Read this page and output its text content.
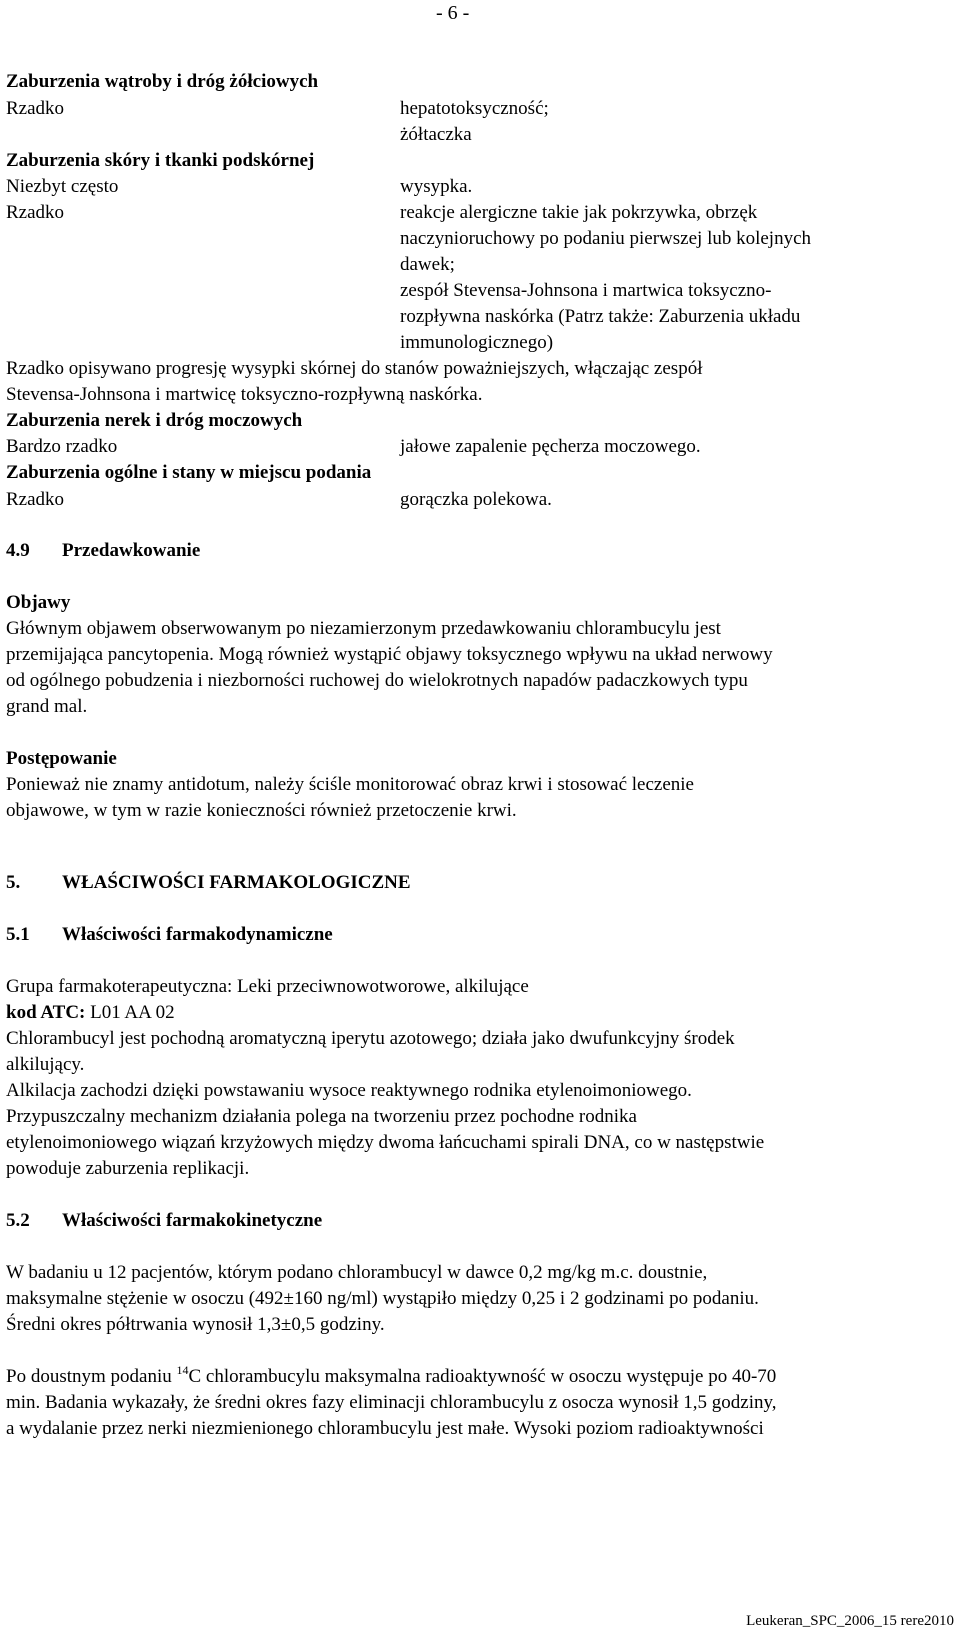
- 6 -
Zaburzenia wątroby i dróg żółciowych
Rzadko	hepatotoksyczność;
żółtaczka
Zaburzenia skóry i tkanki podskórnej
Niezbyt często	wysypka.
Rzadko	reakcje alergiczne takie jak pokrzywka, obrzęk
naczynioruchowy po podaniu pierwszej lub kolejnych
dawek;
zespół Stevensa-Johnsona i martwica toksyczno-
rozpływna naskórka (Patrz także: Zaburzenia układu
immunologicznego)
Rzadko opisywano progresję wysypki skórnej do stanów poważniejszych, włączając zespół
Stevensa-Johnsona i martwicę toksyczno-rozpływną naskórka.
Zaburzenia nerek i dróg moczowych
Bardzo rzadko	jałowe zapalenie pęcherza moczowego.
Zaburzenia ogólne i stany w miejscu podania
Rzadko	gorączka polekowa.
4.9 Przedawkowanie
Objawy
Głównym objawem obserwowanym po niezamierzonym przedawkowaniu chlorambucylu jest
przemijająca pancytopenia. Mogą również wystąpić objawy toksycznego wpływu na układ nerwowy
od ogólnego pobudzenia i niezborności ruchowej do wielokrotnych napadów padaczkowych typu
grand mal.
Postępowanie
Ponieważ nie znamy antidotum, należy ściśle monitorować obraz krwi i stosować leczenie
objawowe, w tym w razie konieczności również przetoczenie krwi.
5. WŁAŚCIWOŚCI FARMAKOLOGICZNE
5.1 Właściwości farmakodynamiczne
Grupa farmakoterapeutyczna: Leki przeciwnowotworowe, alkilujące
kod ATC: L01 AA 02
Chlorambucyl jest pochodną aromatyczną iperytu azotowego; działa jako dwufunkcyjny środek
alkilujący.
Alkilacja zachodzi dzięki powstawaniu wysoce reaktywnego rodnika etylenoimoniowego.
Przypuszczalny mechanizm działania polega na tworzeniu przez pochodne rodnika
etylenoimoniowego wiązań krzyżowych między dwoma łańcuchami spirali DNA, co w następstwie
powoduje zaburzenia replikacji.
5.2 Właściwości farmakokinetyczne
W badaniu u 12 pacjentów, którym podano chlorambucyl w dawce 0,2 mg/kg m.c. doustnie,
maksymalne stężenie w osoczu (492±160 ng/ml) wystąpiło między 0,25 i 2 godzinami po podaniu.
Średni okres półtrwania wynosił 1,3±0,5 godziny.
Po doustnym podaniu $^{14}$C chlorambucylu maksymalna radioaktywność w osoczu występuje po 40-70
min. Badania wykazały, że średni okres fazy eliminacji chlorambucylu z osocza wynosił 1,5 godziny,
a wydalanie przez nerki niezmienionego chlorambucylu jest małe. Wysoki poziom radioaktywności
Leukeran_SPC_2006_15 rere2010
